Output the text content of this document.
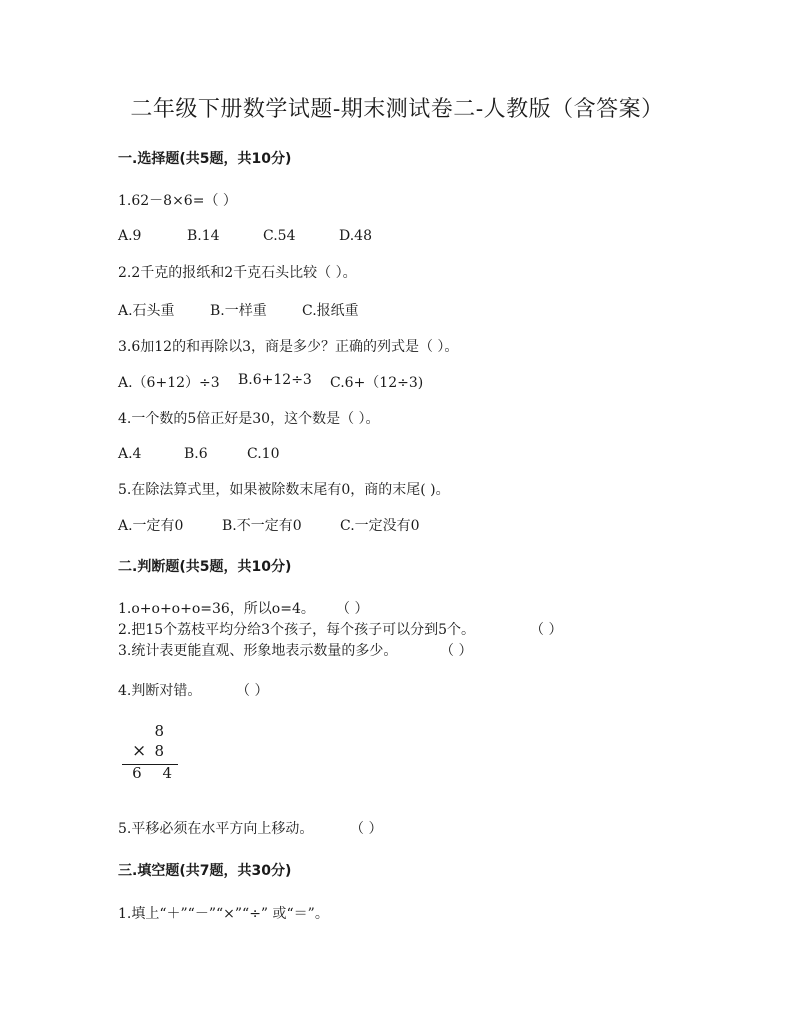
二年级下册数学试题-期末测试卷二-人教版（含答案）
一.选择题(共5题，共10分)
1.62－8×6=（ ）
A.9	B.14	C.54	D.48
2.2千克的报纸和2千克石头比较（ ）。
A.石头重	B.一样重	C.报纸重
3.6加12的和再除以3，商是多少？正确的列式是（ ）。
A.（6+12）÷3 B.6+12÷3 C.6+（12÷3)
4.一个数的5倍正好是30，这个数是（ ）。
A.4	B.6	C.10
5.在除法算式里，如果被除数末尾有0，商的末尾( )。
A.一定有0	B.不一定有0	C.一定没有0
二.判断题(共5题，共10分)
1.o+o+o+o=36，所以o=4。 （ ）
2.把15个荔枝平均分给3个孩子，每个孩子可以分到5个。	（ ）
3.统计表更能直观、形象地表示数量的多少。	（ ）
4.判断对错。 （ ）
8
× 8
6 4
5.平移必须在水平方向上移动。	（ ）
三.填空题(共7题，共30分)
1.填上“＋”“－”“×”“÷” 或“＝”。
